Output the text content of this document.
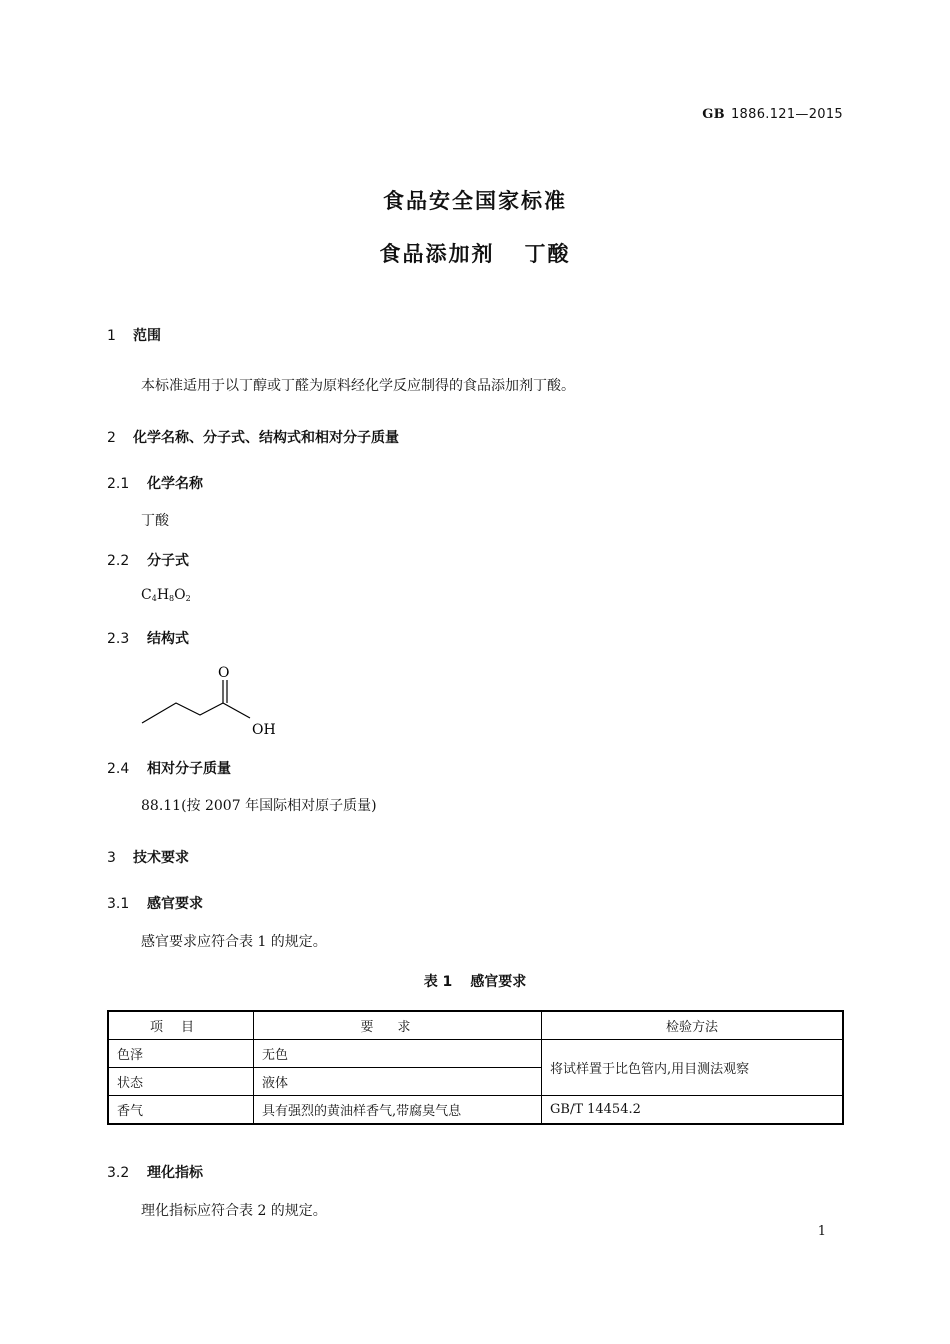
GB 1886.121—2015
食品安全国家标准
食品添加剂 丁酸
1 范围
本标准适用于以丁醇或丁醛为原料经化学反应制得的食品添加剂丁酸。
2 化学名称、分子式、结构式和相对分子质量
2.1 化学名称
丁酸
2.2 分子式
$C_4H_8O_2$
2.3 结构式
O
OH
2.4 相对分子质量
88.11(按 2007 年国际相对原子质量)
3 技术要求
3.1 感官要求
感官要求应符合表 1 的规定。
表 1 感官要求
项目	要求	检验方法
色泽	无色	将试样置于比色管内,用目测法观察
状态	液体	
香气	具有强烈的黄油样香气,带腐臭气息	GB/T 14454.2
3.2 理化指标
理化指标应符合表 2 的规定。
1
